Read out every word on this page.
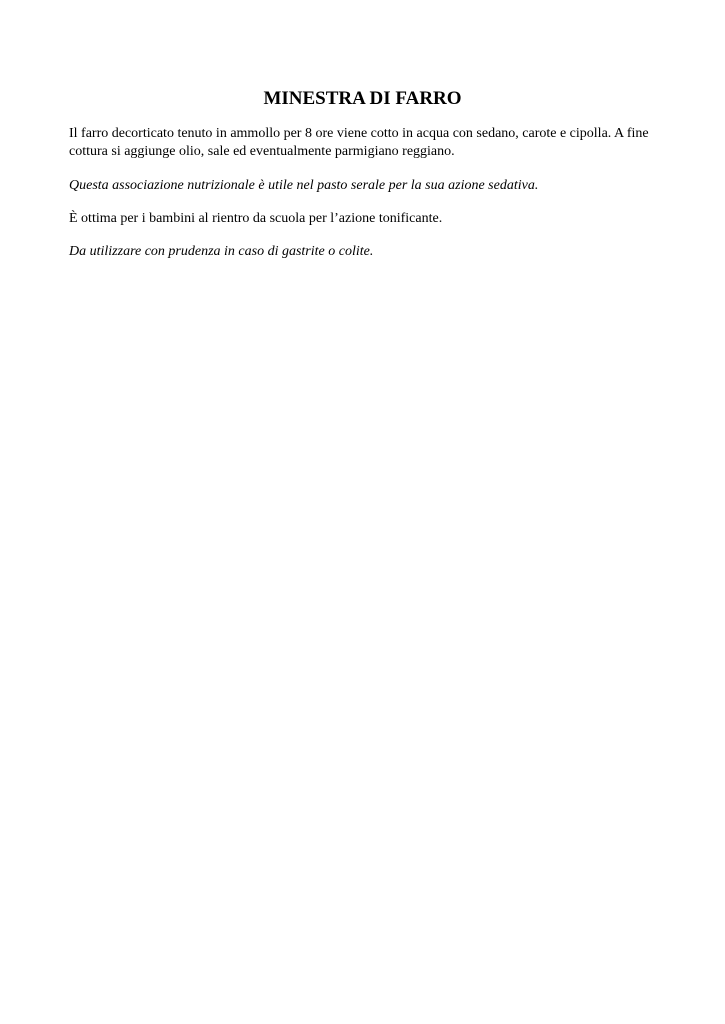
MINESTRA DI FARRO

Il farro decorticato tenuto in ammollo per 8 ore viene cotto in acqua con sedano, carote e cipolla. A fine cottura si aggiunge olio, sale ed eventualmente parmigiano reggiano.

Questa associazione nutrizionale è utile nel pasto serale per la sua azione sedativa.

È ottima per i bambini al rientro da scuola per l’azione tonificante.

Da utilizzare con prudenza in caso di gastrite o colite.
